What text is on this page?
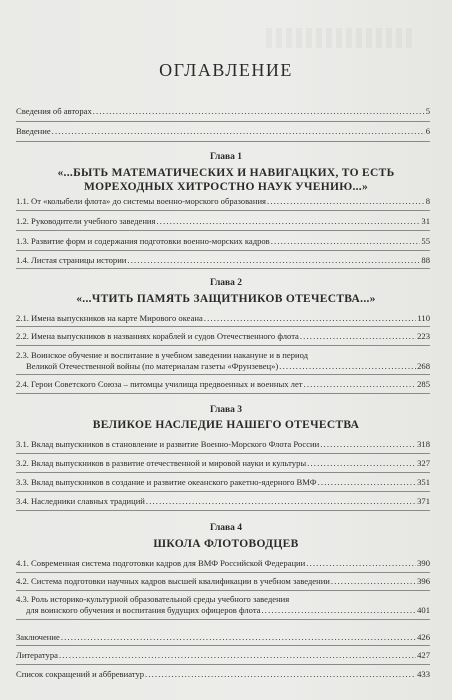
ОГЛАВЛЕНИЕ
Сведения об авторах . . .	5
Введение . . .	6
Глава 1
«...БЫТЬ МАТЕМАТИЧЕСКИХ И НАВИГАЦКИХ, ТО ЕСТЬ МОРЕХОДНЫХ ХИТРОСТНО НАУК УЧЕНИЮ...»
1.1. От «колыбели флота» до системы военно-морского образования . . .	8
1.2. Руководители учебного заведения . . .	31
1.3. Развитие форм и содержания подготовки военно-морских кадров . . .	55
1.4. Листая страницы истории . . .	88
Глава 2
«...ЧТИТЬ ПАМЯТЬ ЗАЩИТНИКОВ ОТЕЧЕСТВА...»
2.1. Имена выпускников на карте Мирового океана . . .	110
2.2. Имена выпускников в названиях кораблей и судов Отечественного флота . . .	223
2.3. Воинское обучение и воспитание в учебном заведении накануне и в период
Великой Отечественной войны (по материалам газеты «Фрунзевец») . . .	268
2.4. Герои Советского Союза – питомцы училища предвоенных и военных лет . . .	285
Глава 3
ВЕЛИКОЕ НАСЛЕДИЕ НАШЕГО ОТЕЧЕСТВА
3.1. Вклад выпускников в становление и развитие Военно-Морского Флота России . . .	318
3.2. Вклад выпускников в развитие отечественной и мировой науки и культуры . . .	327
3.3. Вклад выпускников в создание и развитие океанского ракетно-ядерного ВМФ . . .	351
3.4. Наследники славных традиций . . .	371
Глава 4
ШКОЛА ФЛОТОВОДЦЕВ
4.1. Современная система подготовки кадров для ВМФ Российской Федерации . . .	390
4.2. Система подготовки научных кадров высшей квалификации в учебном заведении . . .	396
4.3. Роль историко-культурной образовательной среды учебного заведения
для воинского обучения и воспитания будущих офицеров флота . . .	401
Заключение . . .	426
Литература . . .	427
Список сокращений и аббревиатур . . .	433
